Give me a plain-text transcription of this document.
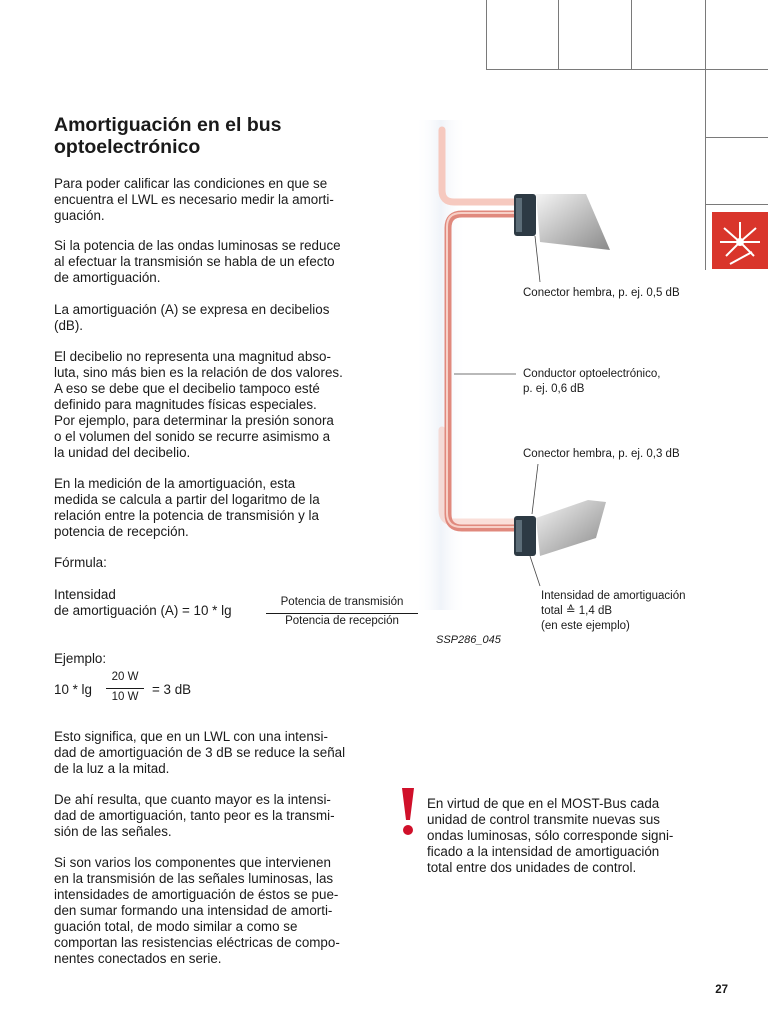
Amortiguación en el bus
optoelectrónico

Para poder calificar las condiciones en que se
encuentra el LWL es necesario medir la amorti-
guación.

Si la potencia de las ondas luminosas se reduce
al efectuar la transmisión se habla de un efecto
de amortiguación.

La amortiguación (A) se expresa en decibelios
(dB).

El decibelio no representa una magnitud abso-
luta, sino más bien es la relación de dos valores.
A eso se debe que el decibelio tampoco esté
definido para magnitudes físicas especiales.
Por ejemplo, para determinar la presión sonora
o el volumen del sonido se recurre asimismo a
la unidad del decibelio.

En la medición de la amortiguación, esta
medida se calcula a partir del logaritmo de la
relación entre la potencia de transmisión y la
potencia de recepción.

Fórmula:

Intensidad
de amortiguación (A) = 10 * lg
Potencia de transmisión
Potencia de recepción
Ejemplo:
10 * lg
20 W
10 W	= 3 dB

Esto significa, que en un LWL con una intensi-
dad de amortiguación de 3 dB se reduce la señal
de la luz a la mitad.

De ahí resulta, que cuanto mayor es la intensi-
dad de amortiguación, tanto peor es la transmi-
sión de las señales.

Si son varios los componentes que intervienen
en la transmisión de las señales luminosas, las
intensidades de amortiguación de éstos se pue-
den sumar formando una intensidad de amorti-
guación total, de modo similar a como se
comportan las resistencias eléctricas de compo-
nentes conectados en serie.

Conector hembra, p. ej. 0,5 dB
Conductor optoelectrónico,
p. ej. 0,6 dB
Conector hembra, p. ej. 0,3 dB
Intensidad de amortiguación
total ≙ 1,4 dB
(en este ejemplo)
SSP286_045
En virtud de que en el MOST-Bus cada
unidad de control transmite nuevas sus
ondas luminosas, sólo corresponde signi-
ficado a la intensidad de amortiguación
total entre dos unidades de control.
27
